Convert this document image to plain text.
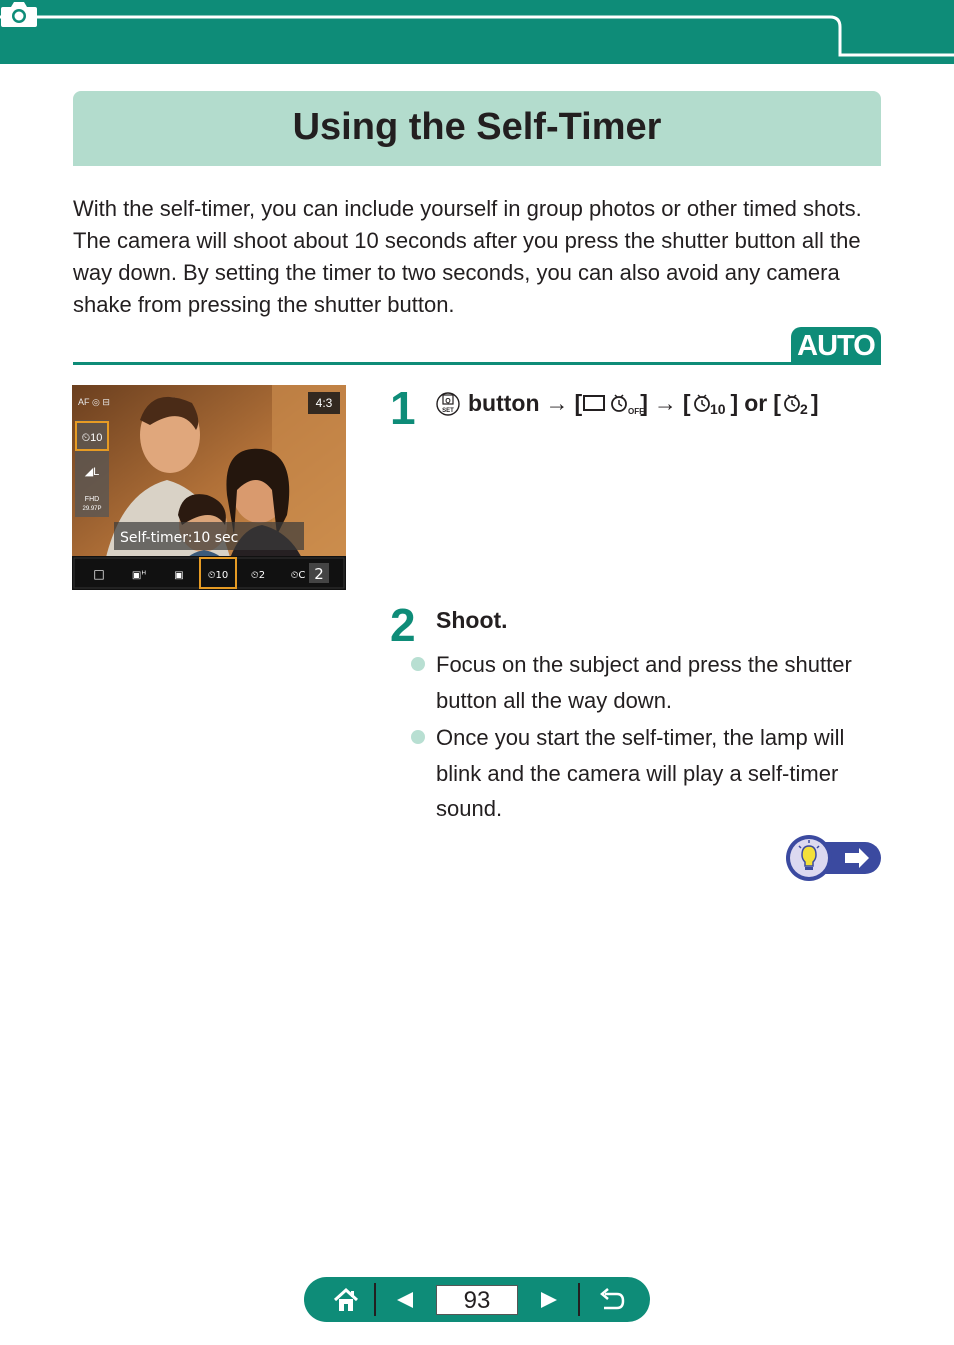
Using the Self-Timer
With the self-timer, you can include yourself in group photos or other timed shots. The camera will shoot about 10 seconds after you press the shutter button all the way down. By setting the timer to two seconds, you can also avoid any camera shake from pressing the shutter button.
AUTO
AF ◎ ⊟	4:3
⏲10
◢L
FHD
29.97P
Self-timer:10 sec
□	▣ᴴ	▣ ⏲10 ⏲2	⏲C 2
1	Q
SET button → [	OFF
] → [ 10 ] or [ 2 ]
2 Shoot.
Focus on the subject and press the shutter button all the way down.
Once you start the self-timer, the lamp will blink and the camera will play a self-timer sound.
93
